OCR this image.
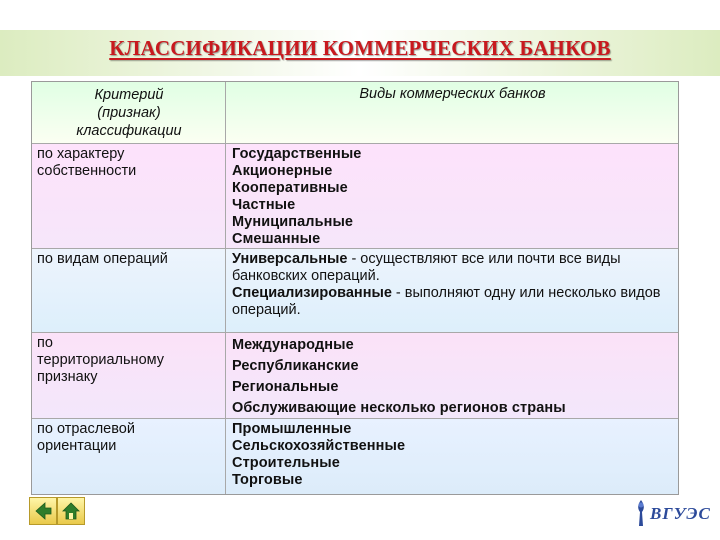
КЛАССИФИКАЦИИ КОММЕРЧЕСКИХ БАНКОВ
Критерий
(признак)
классификации
Виды коммерческих банков
по характеру
собственности
Государственные
Акционерные
Кооперативные
Частные
Муниципальные
Смешанные
по видам операций	Универсальные - осуществляют все или почти все виды банковских операций.
Специализированные - выполняют одну или несколько видов операций.
по
территориальному
признаку
Международные
Республиканские
Региональные
Обслуживающие несколько регионов страны
по отраслевой
ориентации
Промышленные
Сельскохозяйственные
Строительные
Торговые
ВГУЭС
